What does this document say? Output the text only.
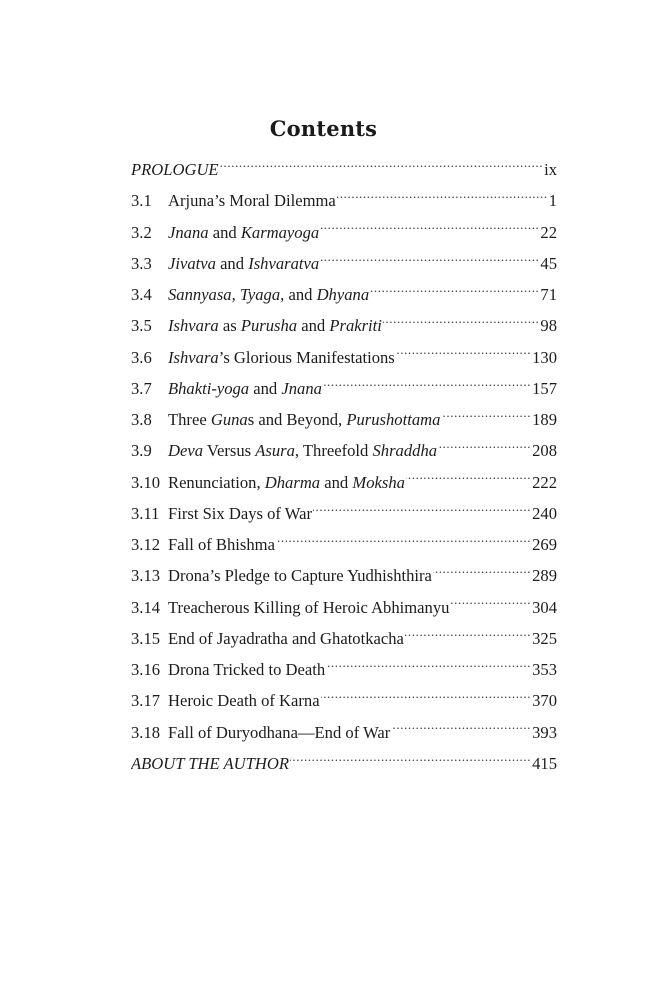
Contents
PROLOGUE .....	ix
3.1 Arjuna’s Moral Dilemma .....	1
3.2 Jnana and Karmayoga .....	22
3.3 Jivatva and Ishvaratva .....	45
3.4 Sannyasa, Tyaga, and Dhyana .....	71
3.5 Ishvara as Purusha and Prakriti .....	98
3.6 Ishvara’s Glorious Manifestations .....	130
3.7 Bhakti-yoga and Jnana .....	157
3.8 Three Gunas and Beyond, Purushottama .....	189
3.9 Deva Versus Asura, Threefold Shraddha .....	208
3.10 Renunciation, Dharma and Moksha .....	222
3.11 First Six Days of War .....	240
3.12 Fall of Bhishma .....	269
3.13 Drona’s Pledge to Capture Yudhishthira .....	289
3.14 Treacherous Killing of Heroic Abhimanyu .....	304
3.15 End of Jayadratha and Ghatotkacha .....	325
3.16 Drona Tricked to Death .....	353
3.17 Heroic Death of Karna .....	370
3.18 Fall of Duryodhana—End of War .....	393
ABOUT THE AUTHOR .....	415
